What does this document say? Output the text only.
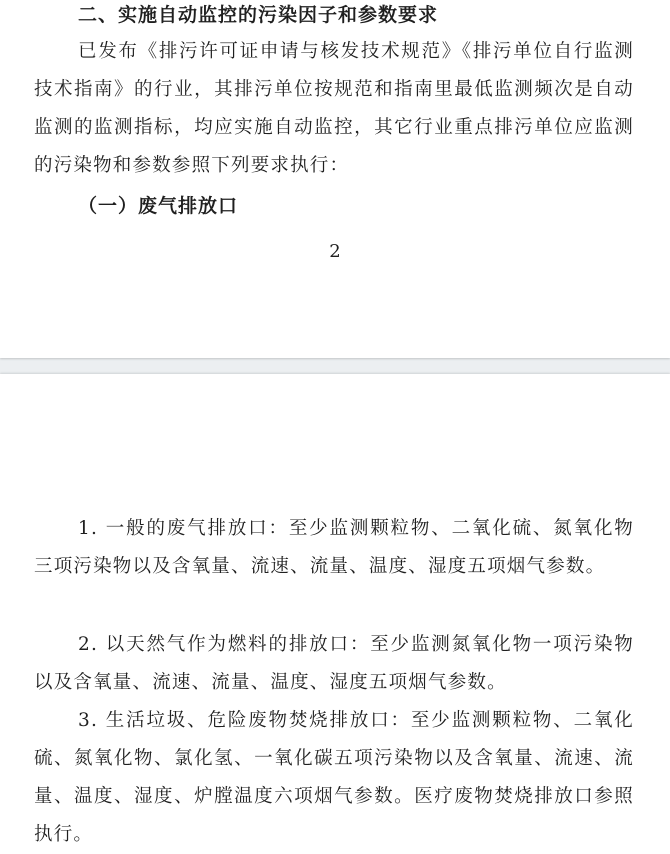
二、实施自动监控的污染因子和参数要求

已发布《排污许可证申请与核发技术规范》《排污单位自行监测技术指南》的行业，其排污单位按规范和指南里最低监测频次是自动监测的监测指标，均应实施自动监控，其它行业重点排污单位应监测的污染物和参数参照下列要求执行：

（一）废气排放口
2

1. 一般的废气排放口：至少监测颗粒物、二氧化硫、氮氧化物三项污染物以及含氧量、流速、流量、温度、湿度五项烟气参数。

2. 以天然气作为燃料的排放口：至少监测氮氧化物一项污染物以及含氧量、流速、流量、温度、湿度五项烟气参数。

3. 生活垃圾、危险废物焚烧排放口：至少监测颗粒物、二氧化硫、氮氧化物、氯化氢、一氧化碳五项污染物以及含氧量、流速、流量、温度、湿度、炉膛温度六项烟气参数。医疗废物焚烧排放口参照执行。
